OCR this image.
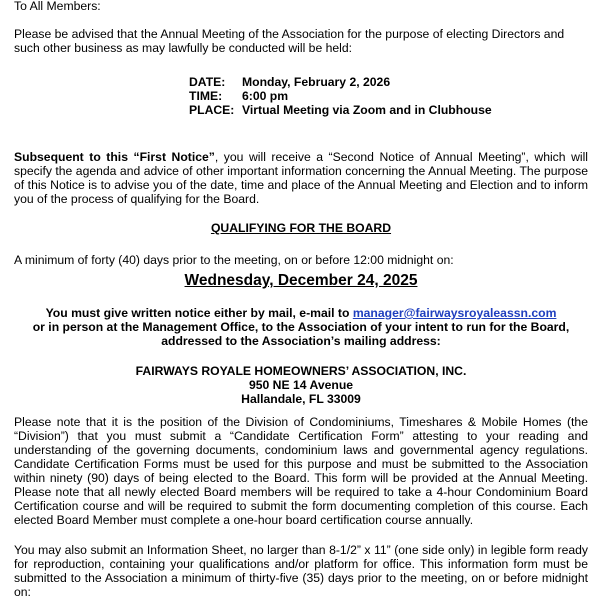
To All Members:

Please be advised that the Annual Meeting of the Association for the purpose of electing Directors and such other business as may lawfully be conducted will be held:

DATE:	Monday, February 2, 2026
TIME:	6:00 pm
PLACE:	Virtual Meeting via Zoom and in Clubhouse

Subsequent to this “First Notice”, you will receive a “Second Notice of Annual Meeting”, which will specify the agenda and advice of other important information concerning the Annual Meeting. The purpose of this Notice is to advise you of the date, time and place of the Annual Meeting and Election and to inform you of the process of qualifying for the Board.

QUALIFYING FOR THE BOARD

A minimum of forty (40) days prior to the meeting, on or before 12:00 midnight on:

Wednesday, December 24, 2025

You must give written notice either by mail, e-mail to manager@fairwaysroyaleassn.com
or in person at the Management Office, to the Association of your intent to run for the Board,
addressed to the Association’s mailing address:
FAIRWAYS ROYALE HOMEOWNERS’ ASSOCIATION, INC.
950 NE 14 Avenue
Hallandale, FL 33009

Please note that it is the position of the Division of Condominiums, Timeshares & Mobile Homes (the “Division”) that you must submit a “Candidate Certification Form” attesting to your reading and understanding of the governing documents, condominium laws and governmental agency regulations. Candidate Certification Forms must be used for this purpose and must be submitted to the Association within ninety (90) days of being elected to the Board. This form will be provided at the Annual Meeting. Please note that all newly elected Board members will be required to take a 4-hour Condominium Board Certification course and will be required to submit the form documenting completion of this course. Each elected Board Member must complete a one-hour board certification course annually.

You may also submit an Information Sheet, no larger than 8-1/2” x 11” (one side only) in legible form ready for reproduction, containing your qualifications and/or platform for office. This information form must be submitted to the Association a minimum of thirty-five (35) days prior to the meeting, on or before midnight on:
